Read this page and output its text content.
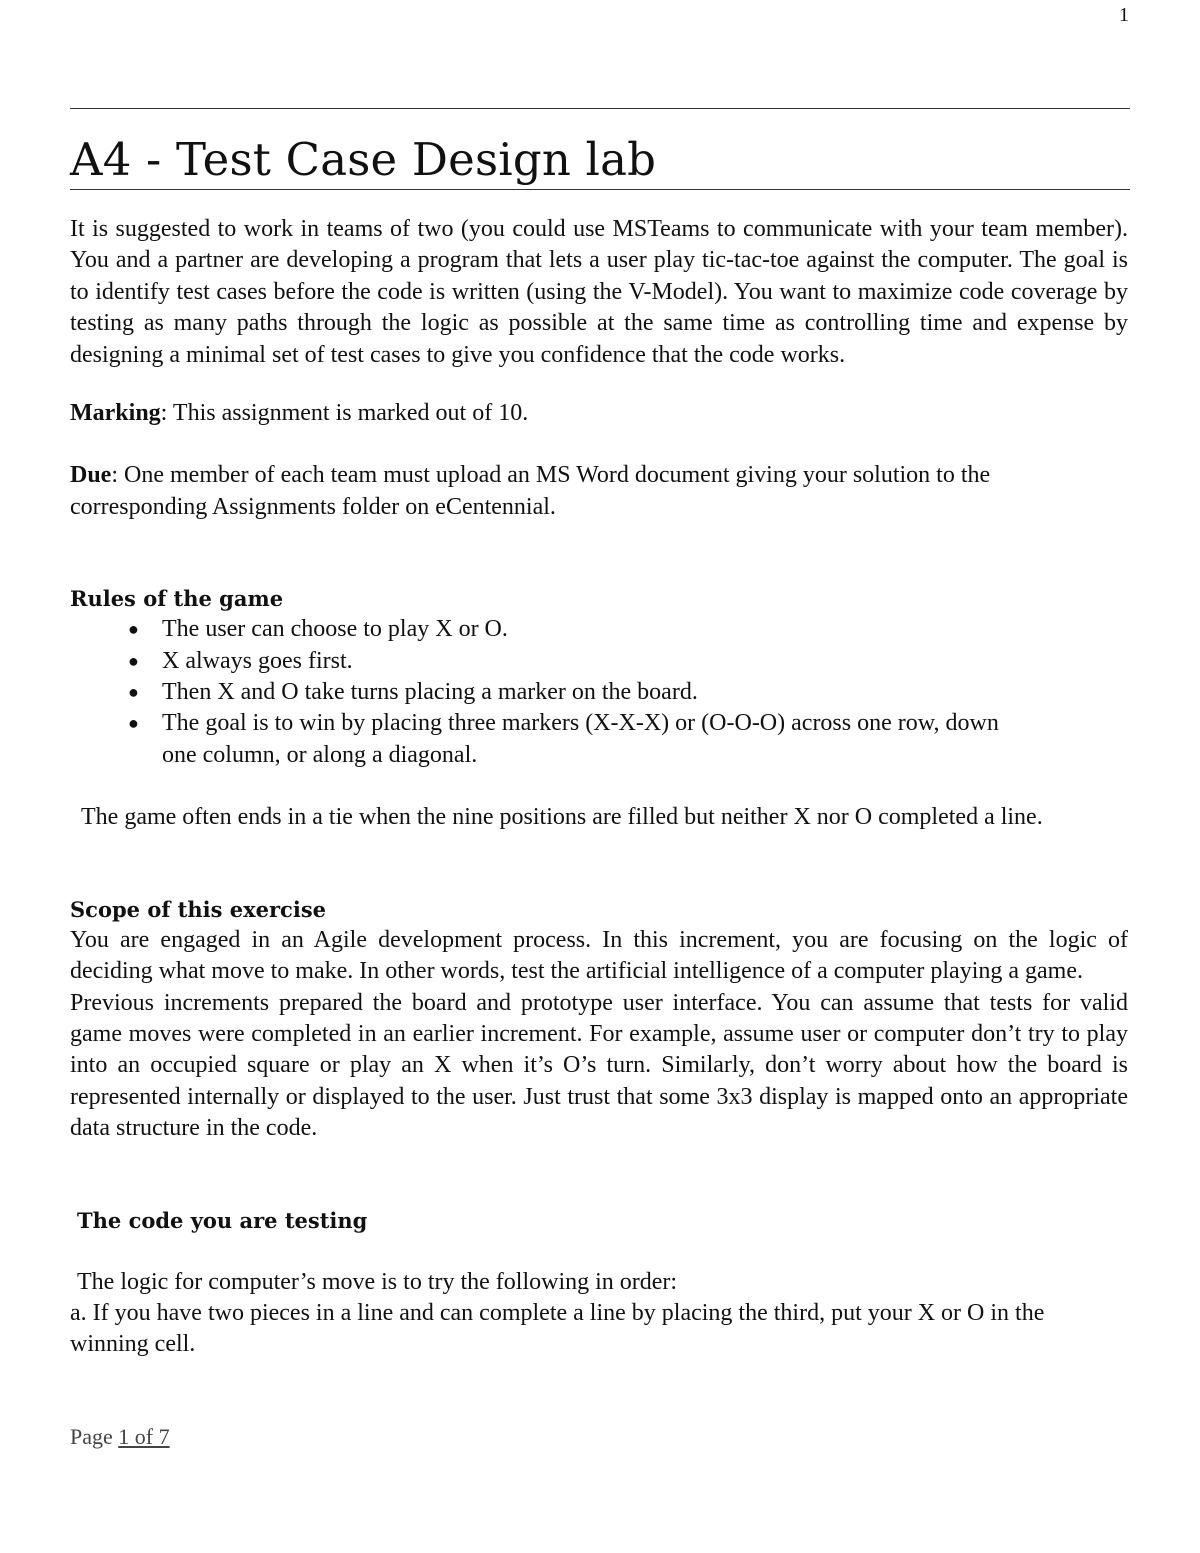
1
A4 - Test Case Design lab

It is suggested to work in teams of two (you could use MSTeams to communicate with your team member). You and a partner are developing a program that lets a user play tic-tac-toe against the computer. The goal is to identify test cases before the code is written (using the V-Model). You want to maximize code coverage by testing as many paths through the logic as possible at the same time as controlling time and expense by designing a minimal set of test cases to give you confidence that the code works.

Marking: This assignment is marked out of 10.

Due: One member of each team must upload an MS Word document giving your solution to the corresponding Assignments folder on eCentennial.

Rules of the game

● The user can choose to play X or O.
● X always goes first.
● Then X and O take turns placing a marker on the board.
● The goal is to win by placing three markers (X-X-X) or (O-O-O) across one row, down one column, or along a diagonal.

The game often ends in a tie when the nine positions are filled but neither X nor O completed a line.

Scope of this exercise

You are engaged in an Agile development process. In this increment, you are focusing on the logic of deciding what move to make. In other words, test the artificial intelligence of a computer playing a game.

Previous increments prepared the board and prototype user interface. You can assume that tests for valid game moves were completed in an earlier increment. For example, assume user or computer don’t try to play into an occupied square or play an X when it’s O’s turn. Similarly, don’t worry about how the board is represented internally or displayed to the user. Just trust that some 3x3 display is mapped onto an appropriate data structure in the code.

The code you are testing

The logic for computer’s move is to try the following in order:

a. If you have two pieces in a line and can complete a line by placing the third, put your X or O in the winning cell.

Page 1 of 7
